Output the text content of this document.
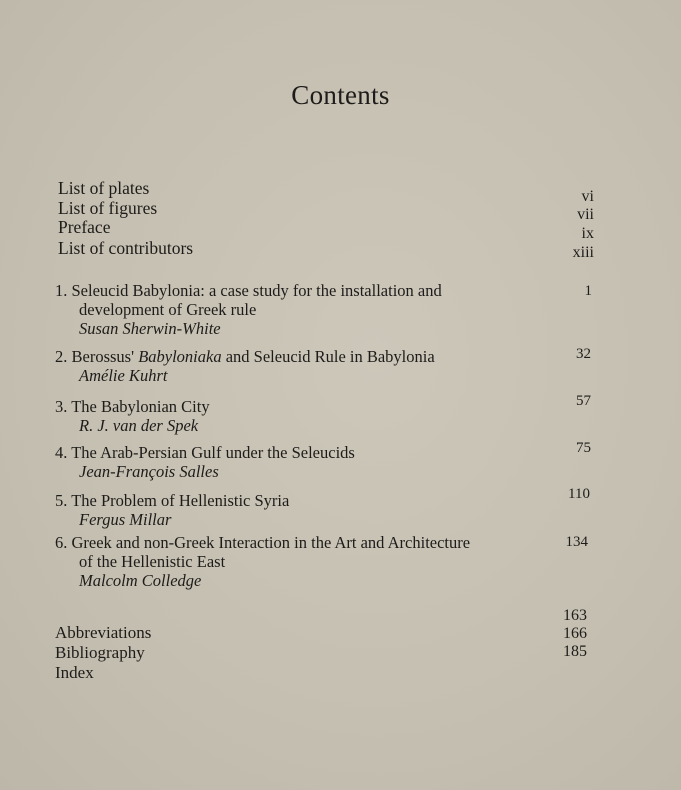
Contents
List of plates
List of figures
Preface
List of contributors
vi
vii
ix
xiii
1. Seleucid Babylonia: a case study for the installation and
development of Greek rule
Susan Sherwin-White
1
2. Berossus' Babyloniaka and Seleucid Rule in Babylonia
Amélie Kuhrt
32
3. The Babylonian City
R. J. van der Spek
57
4. The Arab-Persian Gulf under the Seleucids
Jean-François Salles
75
5. The Problem of Hellenistic Syria
Fergus Millar
110
6. Greek and non-Greek Interaction in the Art and Architecture
of the Hellenistic East
Malcolm Colledge
134
Abbreviations
Bibliography
Index
163
166
185
